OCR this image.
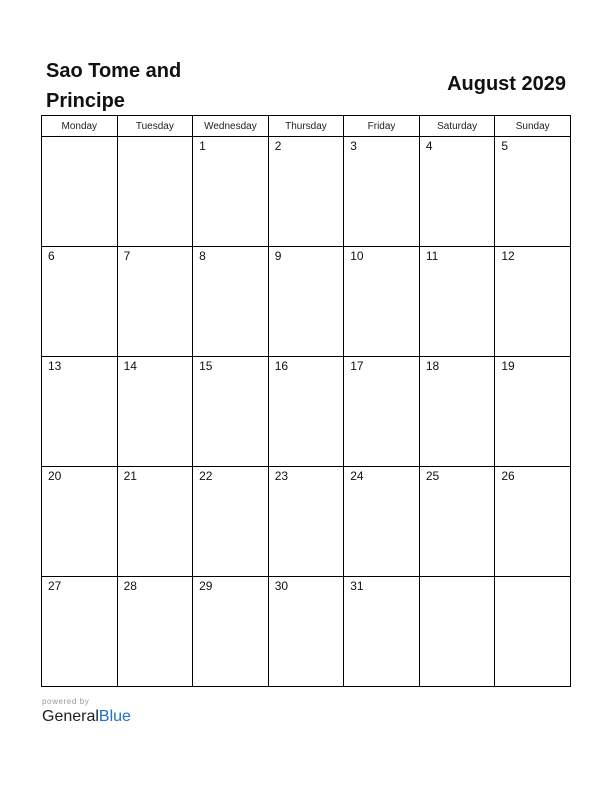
Sao Tome and Principe
August 2029
Monday	Tuesday	Wednesday	Thursday	Friday	Saturday	Sunday

		1	2	3	4	5

6	7	8	9	10	11	12

13	14	15	16	17	18	19

20	21	22	23	24	25	26

27	28	29	30	31		

powered by
GeneralBlue
